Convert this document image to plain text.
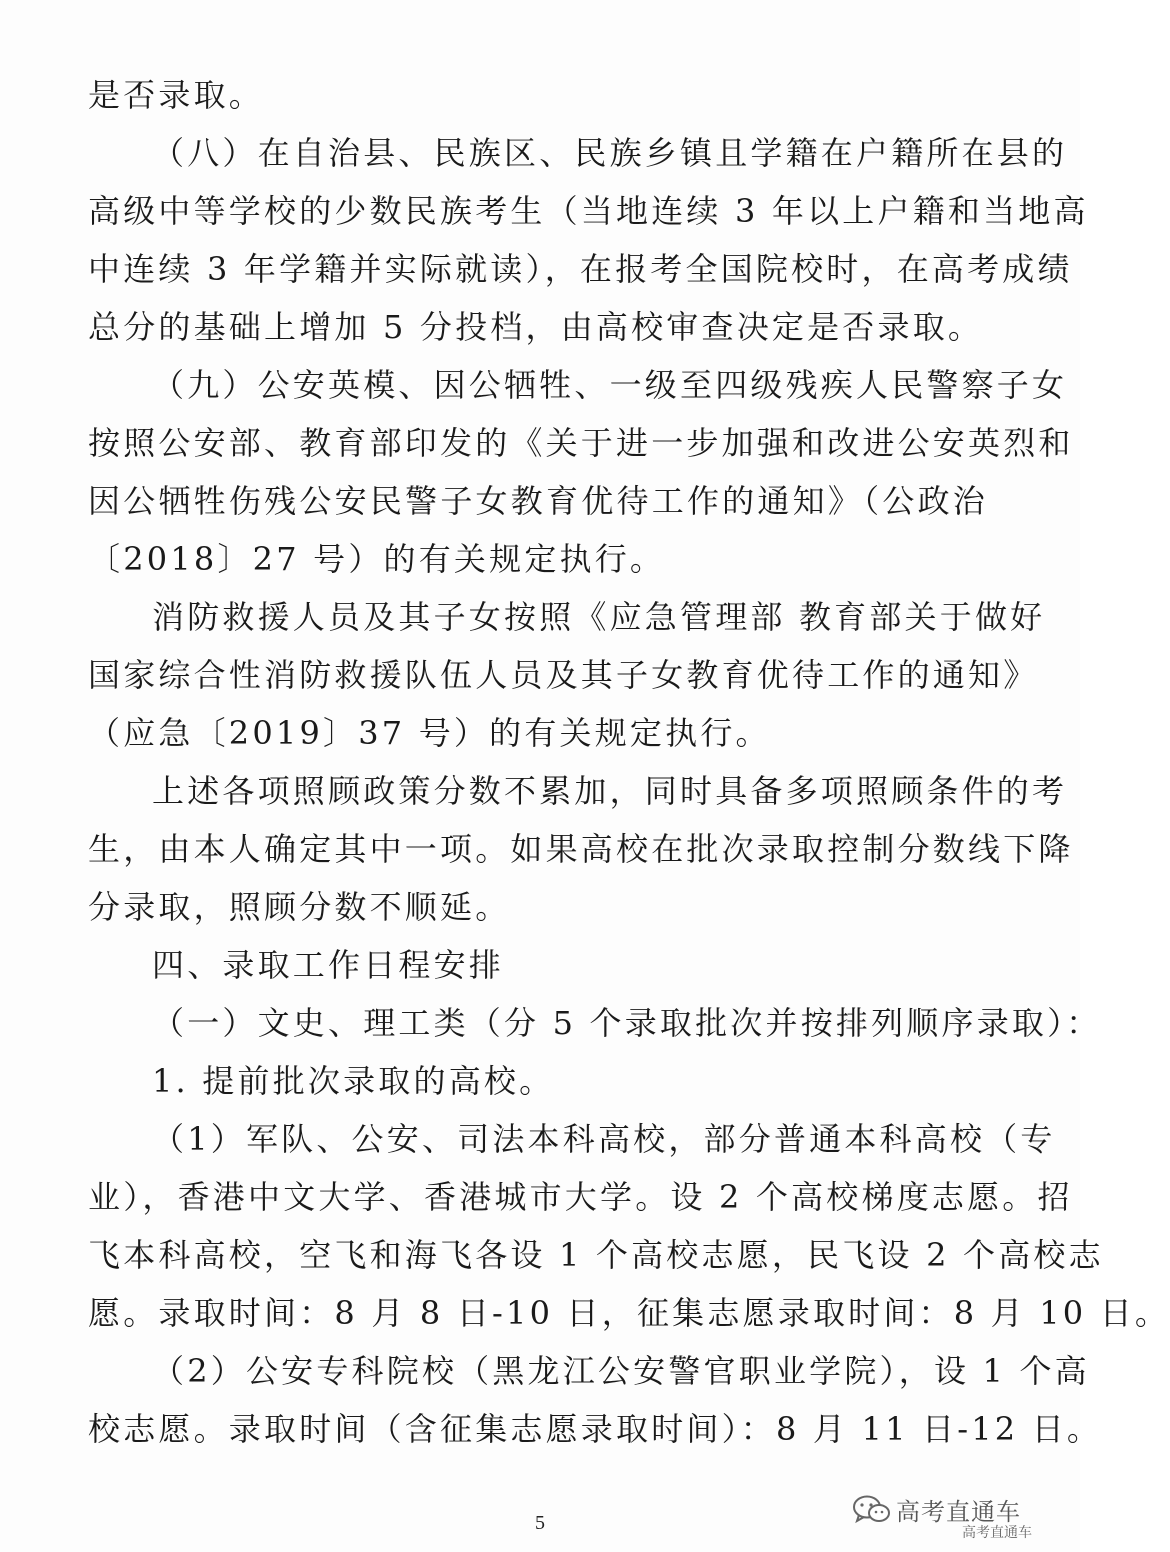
是否录取。
（八）在自治县、民族区、民族乡镇且学籍在户籍所在县的
高级中等学校的少数民族考生（当地连续 3 年以上户籍和当地高
中连续 3 年学籍并实际就读），在报考全国院校时，在高考成绩
总分的基础上增加 5 分投档，由高校审查决定是否录取。
（九）公安英模、因公牺牲、一级至四级残疾人民警察子女
按照公安部、教育部印发的《关于进一步加强和改进公安英烈和
因公牺牲伤残公安民警子女教育优待工作的通知》（公政治
〔2018〕27 号）的有关规定执行。
消防救援人员及其子女按照《应急管理部 教育部关于做好
国家综合性消防救援队伍人员及其子女教育优待工作的通知》
（应急〔2019〕37 号）的有关规定执行。
上述各项照顾政策分数不累加，同时具备多项照顾条件的考
生，由本人确定其中一项。如果高校在批次录取控制分数线下降
分录取，照顾分数不顺延。
四、录取工作日程安排
（一）文史、理工类（分 5 个录取批次并按排列顺序录取）：
1. 提前批次录取的高校。
（1）军队、公安、司法本科高校，部分普通本科高校（专
业），香港中文大学、香港城市大学。设 2 个高校梯度志愿。招
飞本科高校，空飞和海飞各设 1 个高校志愿，民飞设 2 个高校志
愿。录取时间：8 月 8 日-10 日，征集志愿录取时间：8 月 10 日。
（2）公安专科院校（黑龙江公安警官职业学院），设 1 个高
校志愿。录取时间（含征集志愿录取时间）：8 月 11 日-12 日。
5	高考直通车
高考直通车
